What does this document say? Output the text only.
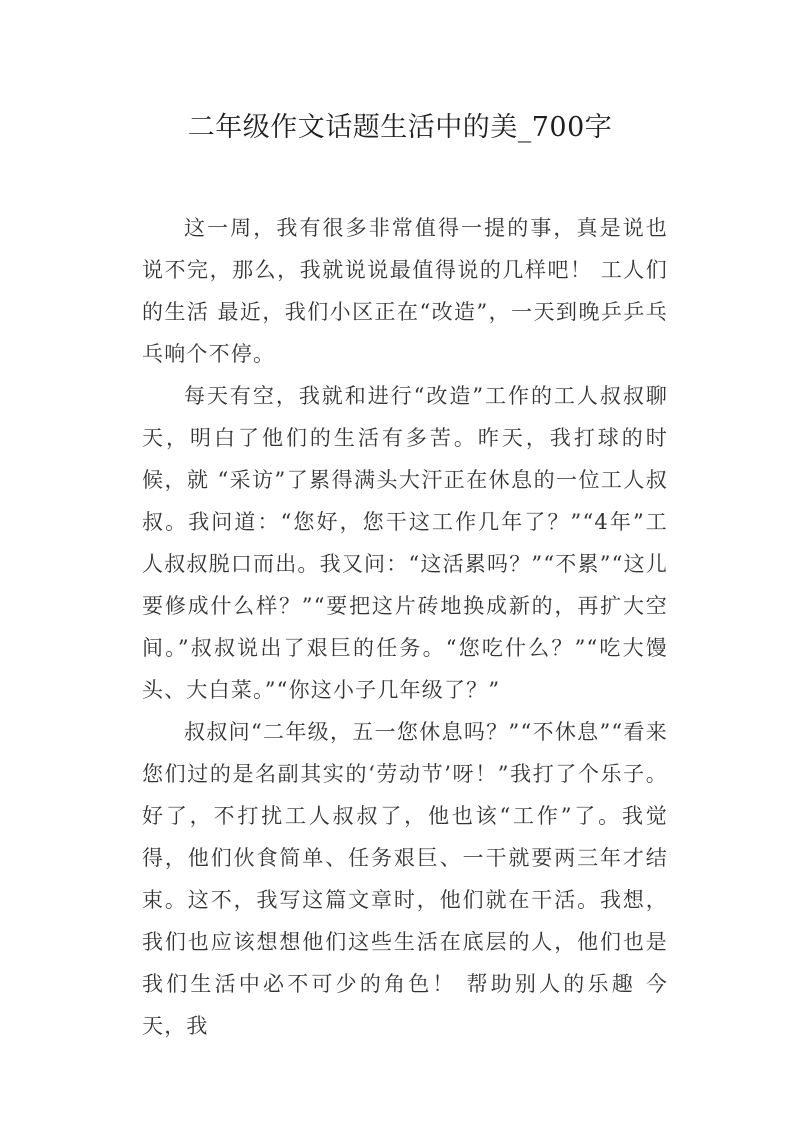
二年级作文话题生活中的美_700字

这一周，我有很多非常值得一提的事，真是说也说不完，那么，我就说说最值得说的几样吧！ 工人们的生活 最近，我们小区正在“改造”，一天到晚乒乒乓乓响个不停。

每天有空，我就和进行“改造”工作的工人叔叔聊天，明白了他们的生活有多苦。昨天，我打球的时候，就 “采访”了累得满头大汗正在休息的一位工人叔叔。我问道：“您好，您干这工作几年了？”“4年”工人叔叔脱口而出。我又问：“这活累吗？”“不累”“这儿要修成什么样？”“要把这片砖地换成新的，再扩大空间。”叔叔说出了艰巨的任务。“您吃什么？”“吃大馒头、大白菜。”“你这小子几年级了？”

叔叔问“二年级，五一您休息吗？”“不休息”“看来您们过的是名副其实的‘劳动节’呀！”我打了个乐子。好了，不打扰工人叔叔了，他也该“工作”了。我觉得，他们伙食简单、任务艰巨、一干就要两三年才结束。这不，我写这篇文章时，他们就在干活。我想，我们也应该想想他们这些生活在底层的人，他们也是我们生活中必不可少的角色！ 帮助别人的乐趣 今天，我
